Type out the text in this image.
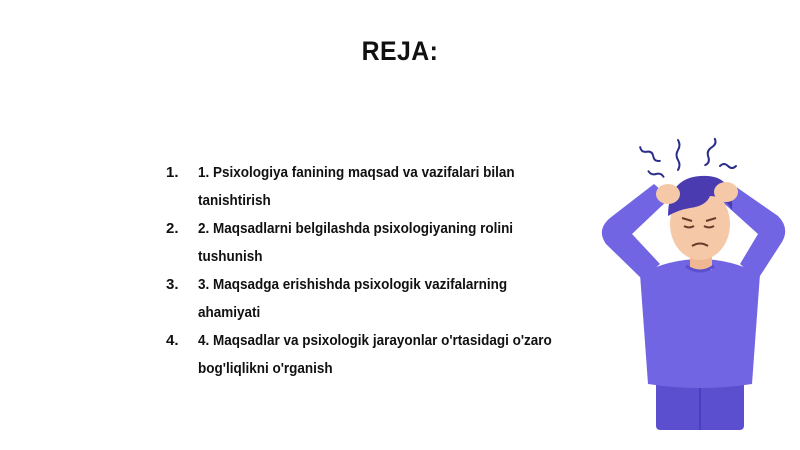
REJA:
1.	1. Psixologiya fanining maqsad va vazifalari bilan tanishtirish
2.	2. Maqsadlarni belgilashda psixologiyaning rolini tushunish
3.	3. Maqsadga erishishda psixologik vazifalarning ahamiyati
4.	4. Maqsadlar va psixologik jarayonlar o'rtasidagi o'zaro bog'liqlikni o'rganish
